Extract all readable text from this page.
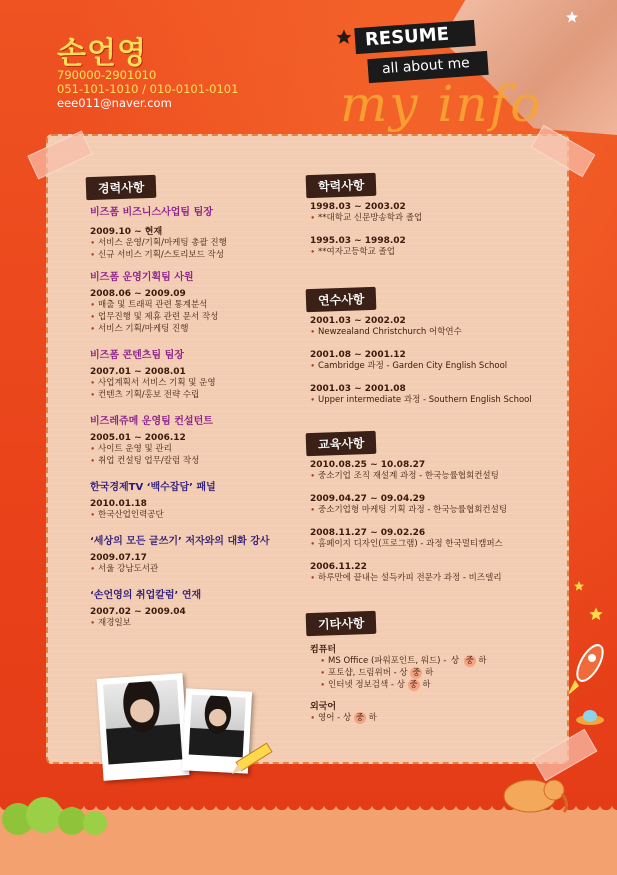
손언영
790000-2901010
051-101-1010 / 010-0101-0101
eee011@naver.com
RESUME
all about me
my info
경력사항
비즈폼 비즈니스사업팀 팀장
2009.10 ~ 현재
∙ 서비스 운영/기획/마케팅 총괄 진행
∙ 신규 서비스 기획/스토리보드 작성
비즈폼 운영기획팀 사원
2008.06 ~ 2009.09
∙ 매출 및 트래픽 관련 통계분석
∙ 업무진행 및 제휴 관련 문서 작성
∙ 서비스 기획/마케팅 진행
비즈폼 콘텐츠팀 팀장
2007.01 ~ 2008.01
∙ 사업계획서 서비스 기획 및 운영
∙ 컨텐츠 기획/홍보 전략 수립
비즈레쥬메 운영팀 컨설턴트
2005.01 ~ 2006.12
∙ 사이트 운영 및 관리
∙ 취업 컨설팅 업무/칼럼 작성
한국경제TV ‘백수잡담’ 패널
2010.01.18
∙ 한국산업인력공단
‘세상의 모든 글쓰기’ 저자와의 대화 강사
2009.07.17
∙ 서울 강남도서관
‘손언영의 취업칼럼’ 연재
2007.02 ~ 2009.04
∙ 재경일보
학력사항
1998.03 ~ 2003.02
∙ **대학교 신문방송학과 졸업
1995.03 ~ 1998.02
∙ **여자고등학교 졸업
연수사항
2001.03 ~ 2002.02
∙ Newzealand Christchurch 어학연수
2001.08 ~ 2001.12
∙ Cambridge 과정 - Garden City English School
2001.03 ~ 2001.08
∙ Upper intermediate 과정 - Southern English School
교육사항
2010.08.25 ~ 10.08.27
∙ 중소기업 조직 재설계 과정 - 한국능률협회컨설팅
2009.04.27 ~ 09.04.29
∙ 중소기업형 마케팅 기획 과정 - 한국능률협회컨설팅
2008.11.27 ~ 09.02.26
∙ 홈페이지 디자인(프로그램) - 과정 한국멀티캠퍼스
2006.11.22
∙ 하루만에 끝내는 설득카피 전문가 과정 - 비즈델리
기타사항
컴퓨터
∙ MS Office (파워포인트, 워드) - 상 중 하
∙ 포토샵, 드림위버 - 상 중 하
∙ 인터넷 정보검색 - 상 중 하
외국어
∙ 영어 - 상 중 하
